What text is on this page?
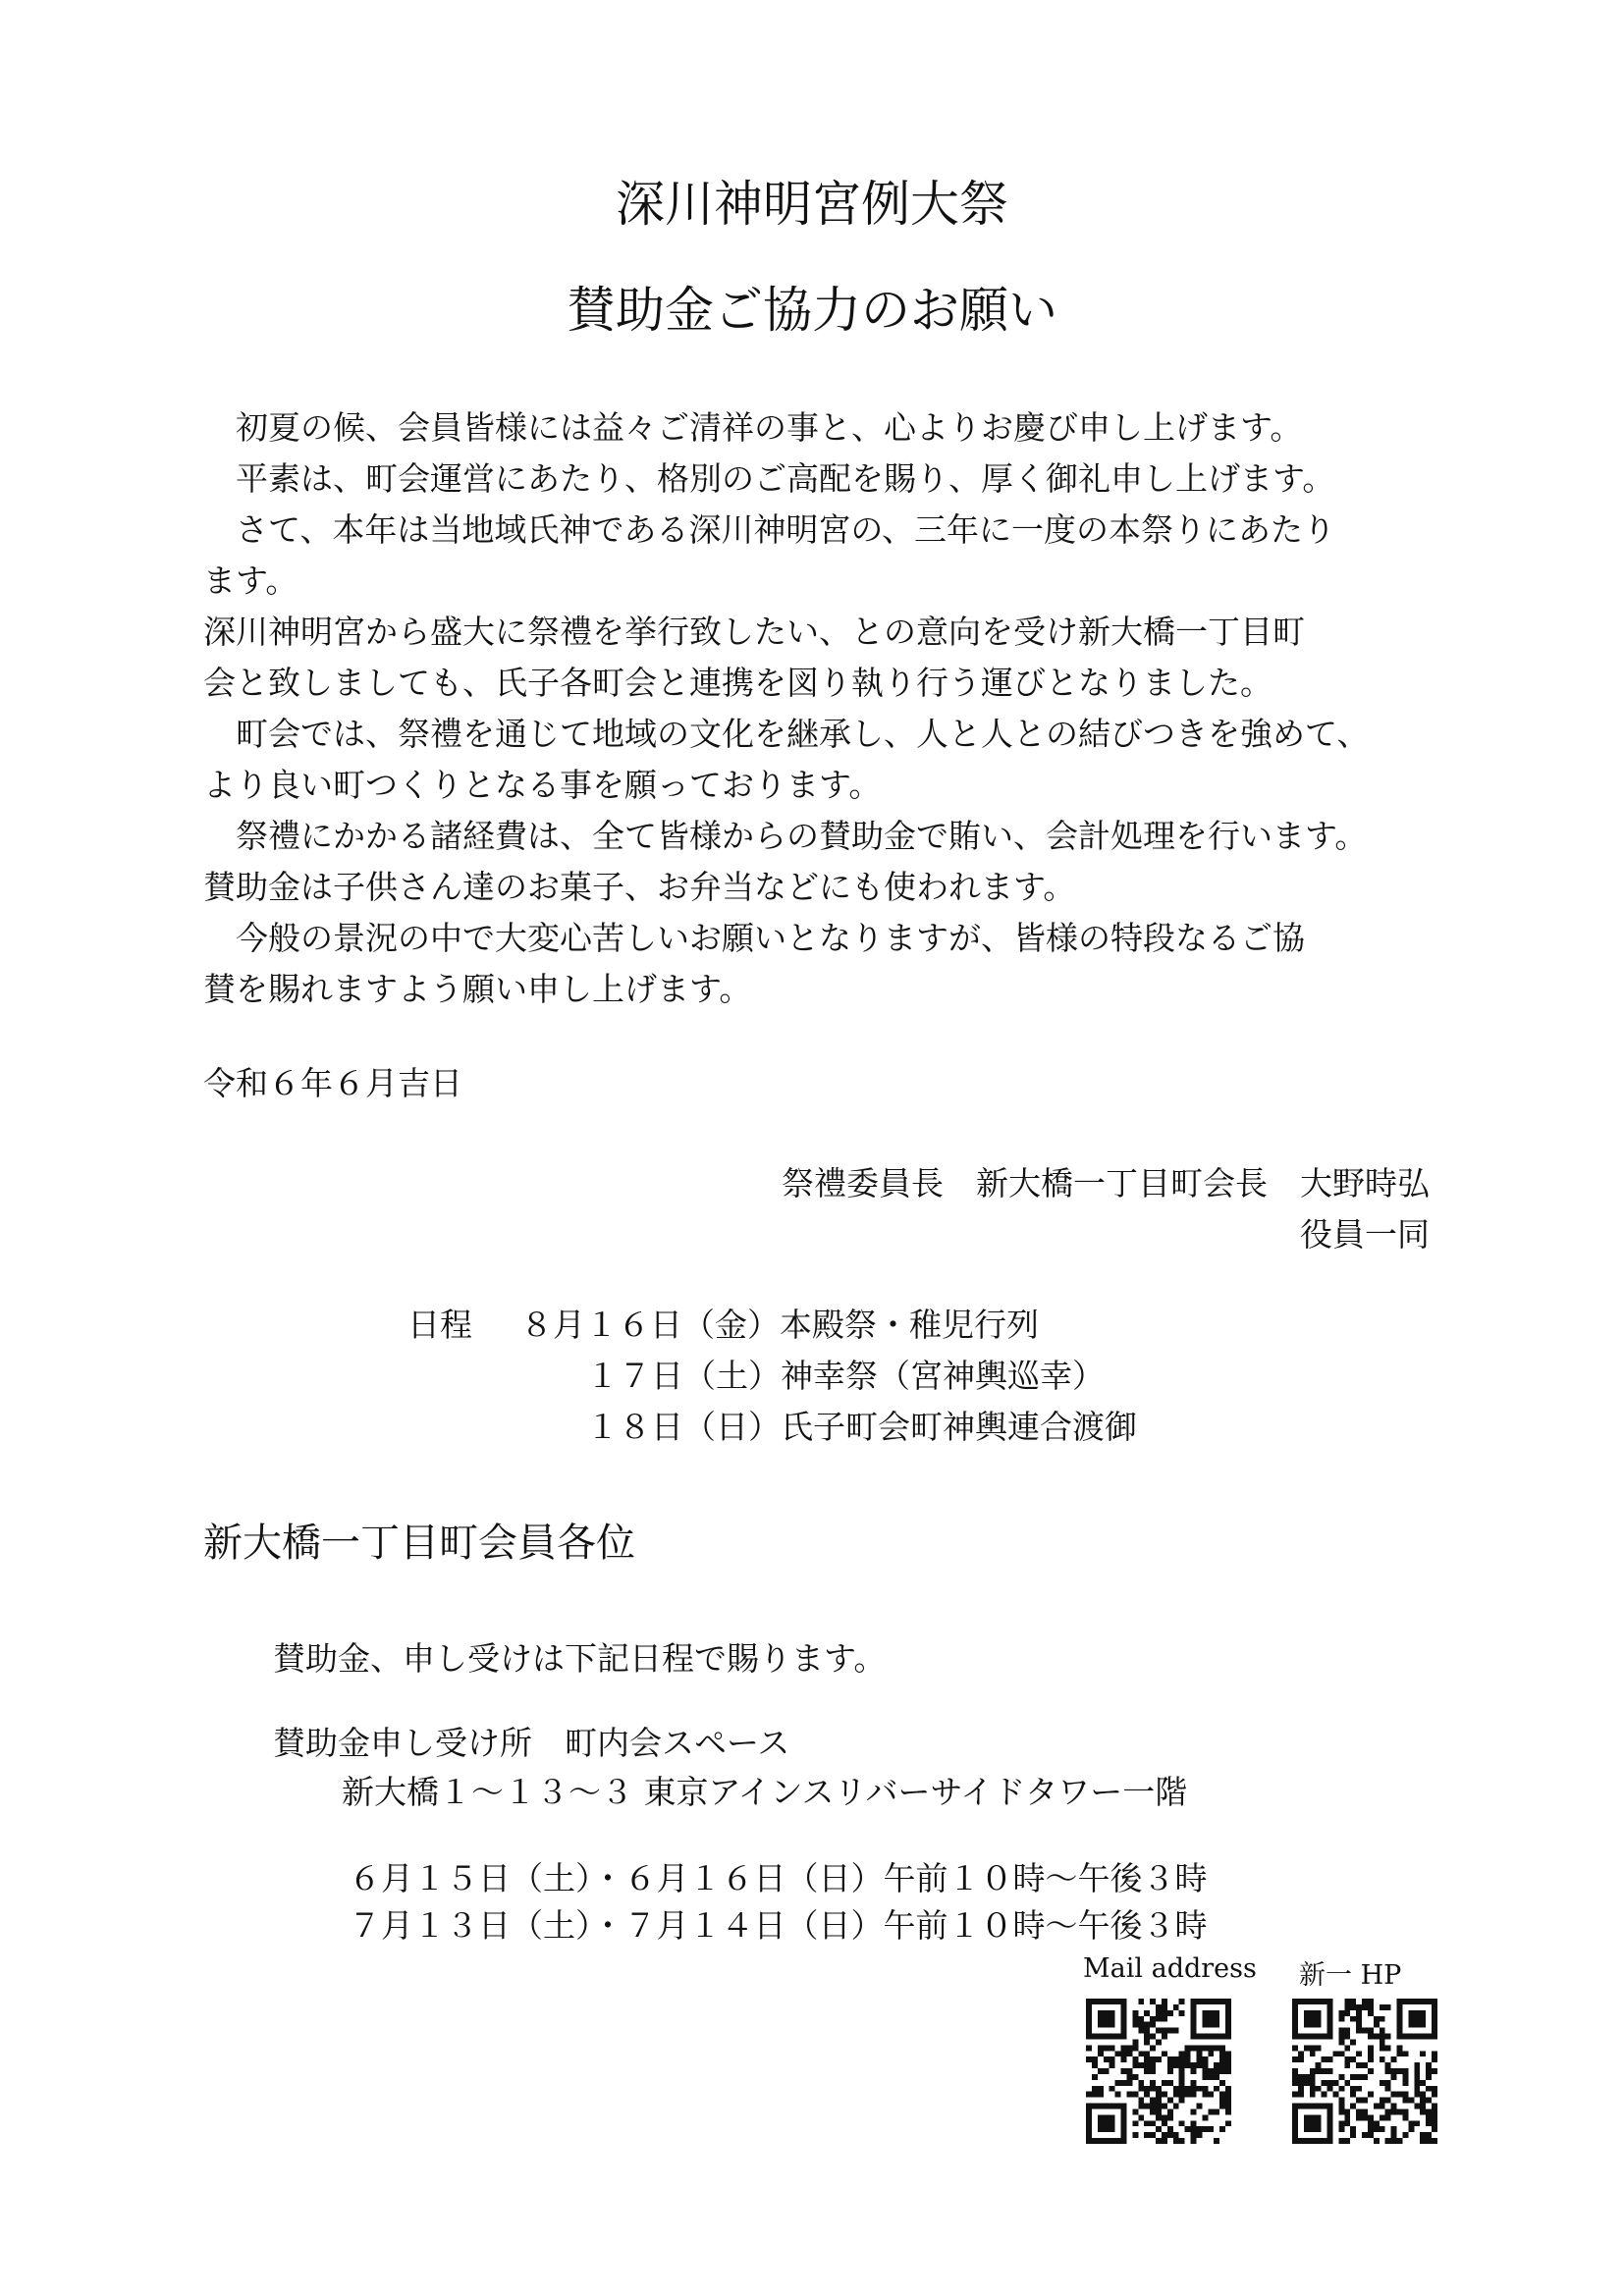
深川神明宮例大祭
賛助金ご協力のお願い

　初夏の候、会員皆様には益々ご清祥の事と、心よりお慶び申し上げます。

　平素は、町会運営にあたり、格別のご高配を賜り、厚く御礼申し上げます。

　さて、本年は当地域氏神である深川神明宮の、三年に一度の本祭りにあたり

ます。

深川神明宮から盛大に祭禮を挙行致したい、との意向を受け新大橋一丁目町

会と致しましても、氏子各町会と連携を図り執り行う運びとなりました。

　町会では、祭禮を通じて地域の文化を継承し、人と人との結びつきを強めて、

より良い町つくりとなる事を願っております。

　祭禮にかかる諸経費は、全て皆様からの賛助金で賄い、会計処理を行います。

賛助金は子供さん達のお菓子、お弁当などにも使われます。

　今般の景況の中で大変心苦しいお願いとなりますが、皆様の特段なるご協

賛を賜れますよう願い申し上げます。

令和６年６月吉日
祭禮委員長　新大橋一丁目町会長　大野時弘
役員一同
日程 ８月１６日（金）本殿祭・稚児行列
１７日（土）神幸祭（宮神輿巡幸）
１８日（日）氏子町会町神輿連合渡御
新大橋一丁目町会員各位
賛助金、申し受けは下記日程で賜ります。
賛助金申し受け所　町内会スペース
新大橋１～１３～３ 東京アインスリバーサイドタワー一階
６月１５日（土）・６月１６日（日）午前１０時～午後３時
７月１３日（土）・７月１４日（日）午前１０時～午後３時
Mail address 新一 HP
